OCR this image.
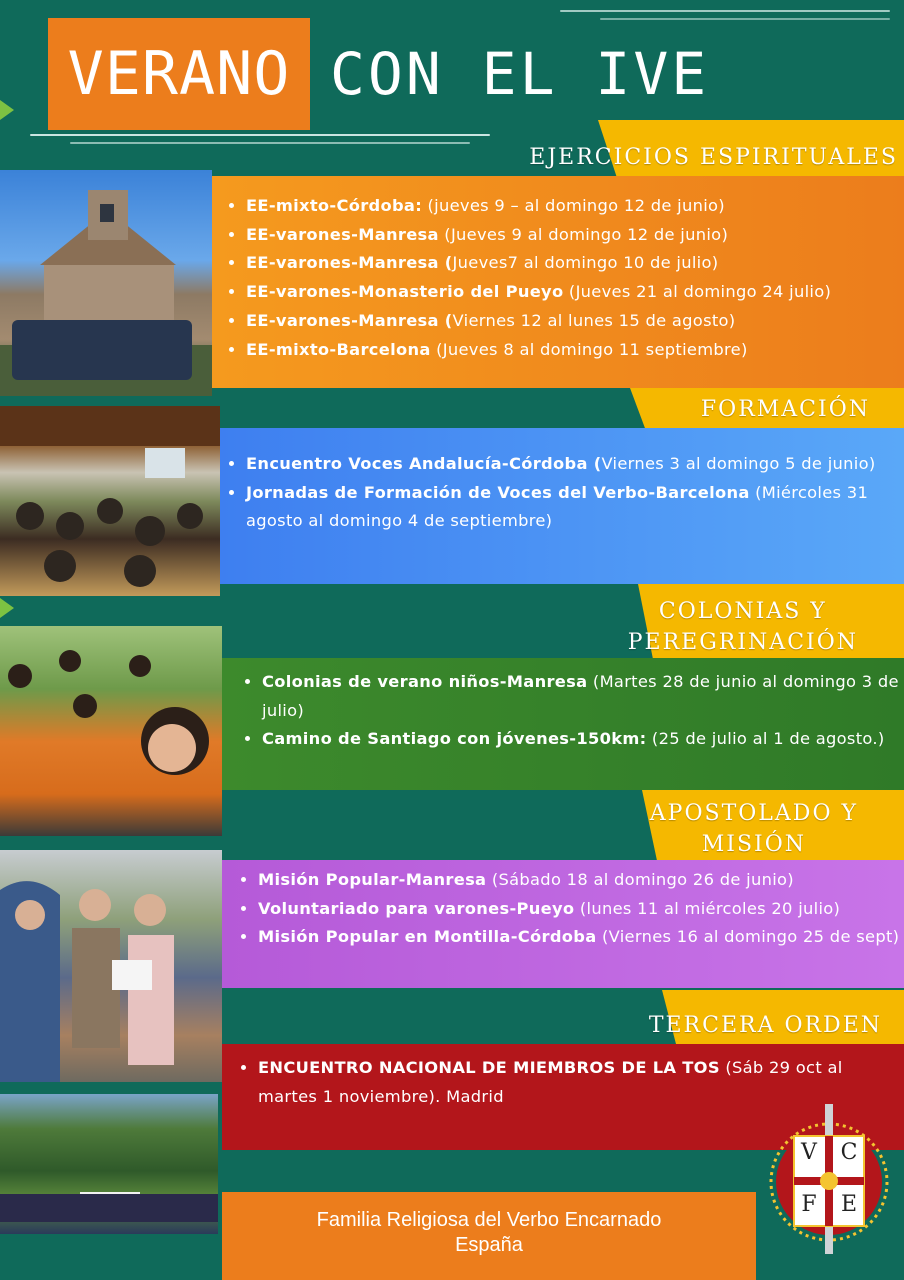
VERANO CON EL IVE
EJERCICIOS ESPIRITUALES
• EE-mixto-Córdoba: (jueves 9 – al domingo 12 de junio)
• EE-varones-Manresa (Jueves 9 al domingo 12 de junio)
• EE-varones-Manresa (Jueves7 al domingo 10 de julio)
• EE-varones-Monasterio del Pueyo (Jueves 21 al domingo 24 julio)
• EE-varones-Manresa (Viernes 12 al lunes 15 de agosto)
• EE-mixto-Barcelona (Jueves 8 al domingo 11 septiembre)
FORMACIÓN
• Encuentro Voces Andalucía-Córdoba (Viernes 3 al domingo 5 de junio)
• Jornadas de Formación de Voces del Verbo-Barcelona (Miércoles 31 agosto al domingo 4 de septiembre)
COLONIAS Y
PEREGRINACIÓN
• Colonias de verano niños-Manresa (Martes 28 de junio al domingo 3 de julio)
• Camino de Santiago con jóvenes-150km: (25 de julio al 1 de agosto.)
APOSTOLADO Y
MISIÓN
• Misión Popular-Manresa (Sábado 18 al domingo 26 de junio)
• Voluntariado para varones-Pueyo (lunes 11 al miércoles 20 julio)
• Misión Popular en Montilla-Córdoba (Viernes 16 al domingo 25 de sept)
TERCERA ORDEN
• ENCUENTRO NACIONAL DE MIEMBROS DE LA TOS (Sáb 29 oct al martes 1 noviembre). Madrid
V	C
F	E
Familia Religiosa del Verbo Encarnado
España
